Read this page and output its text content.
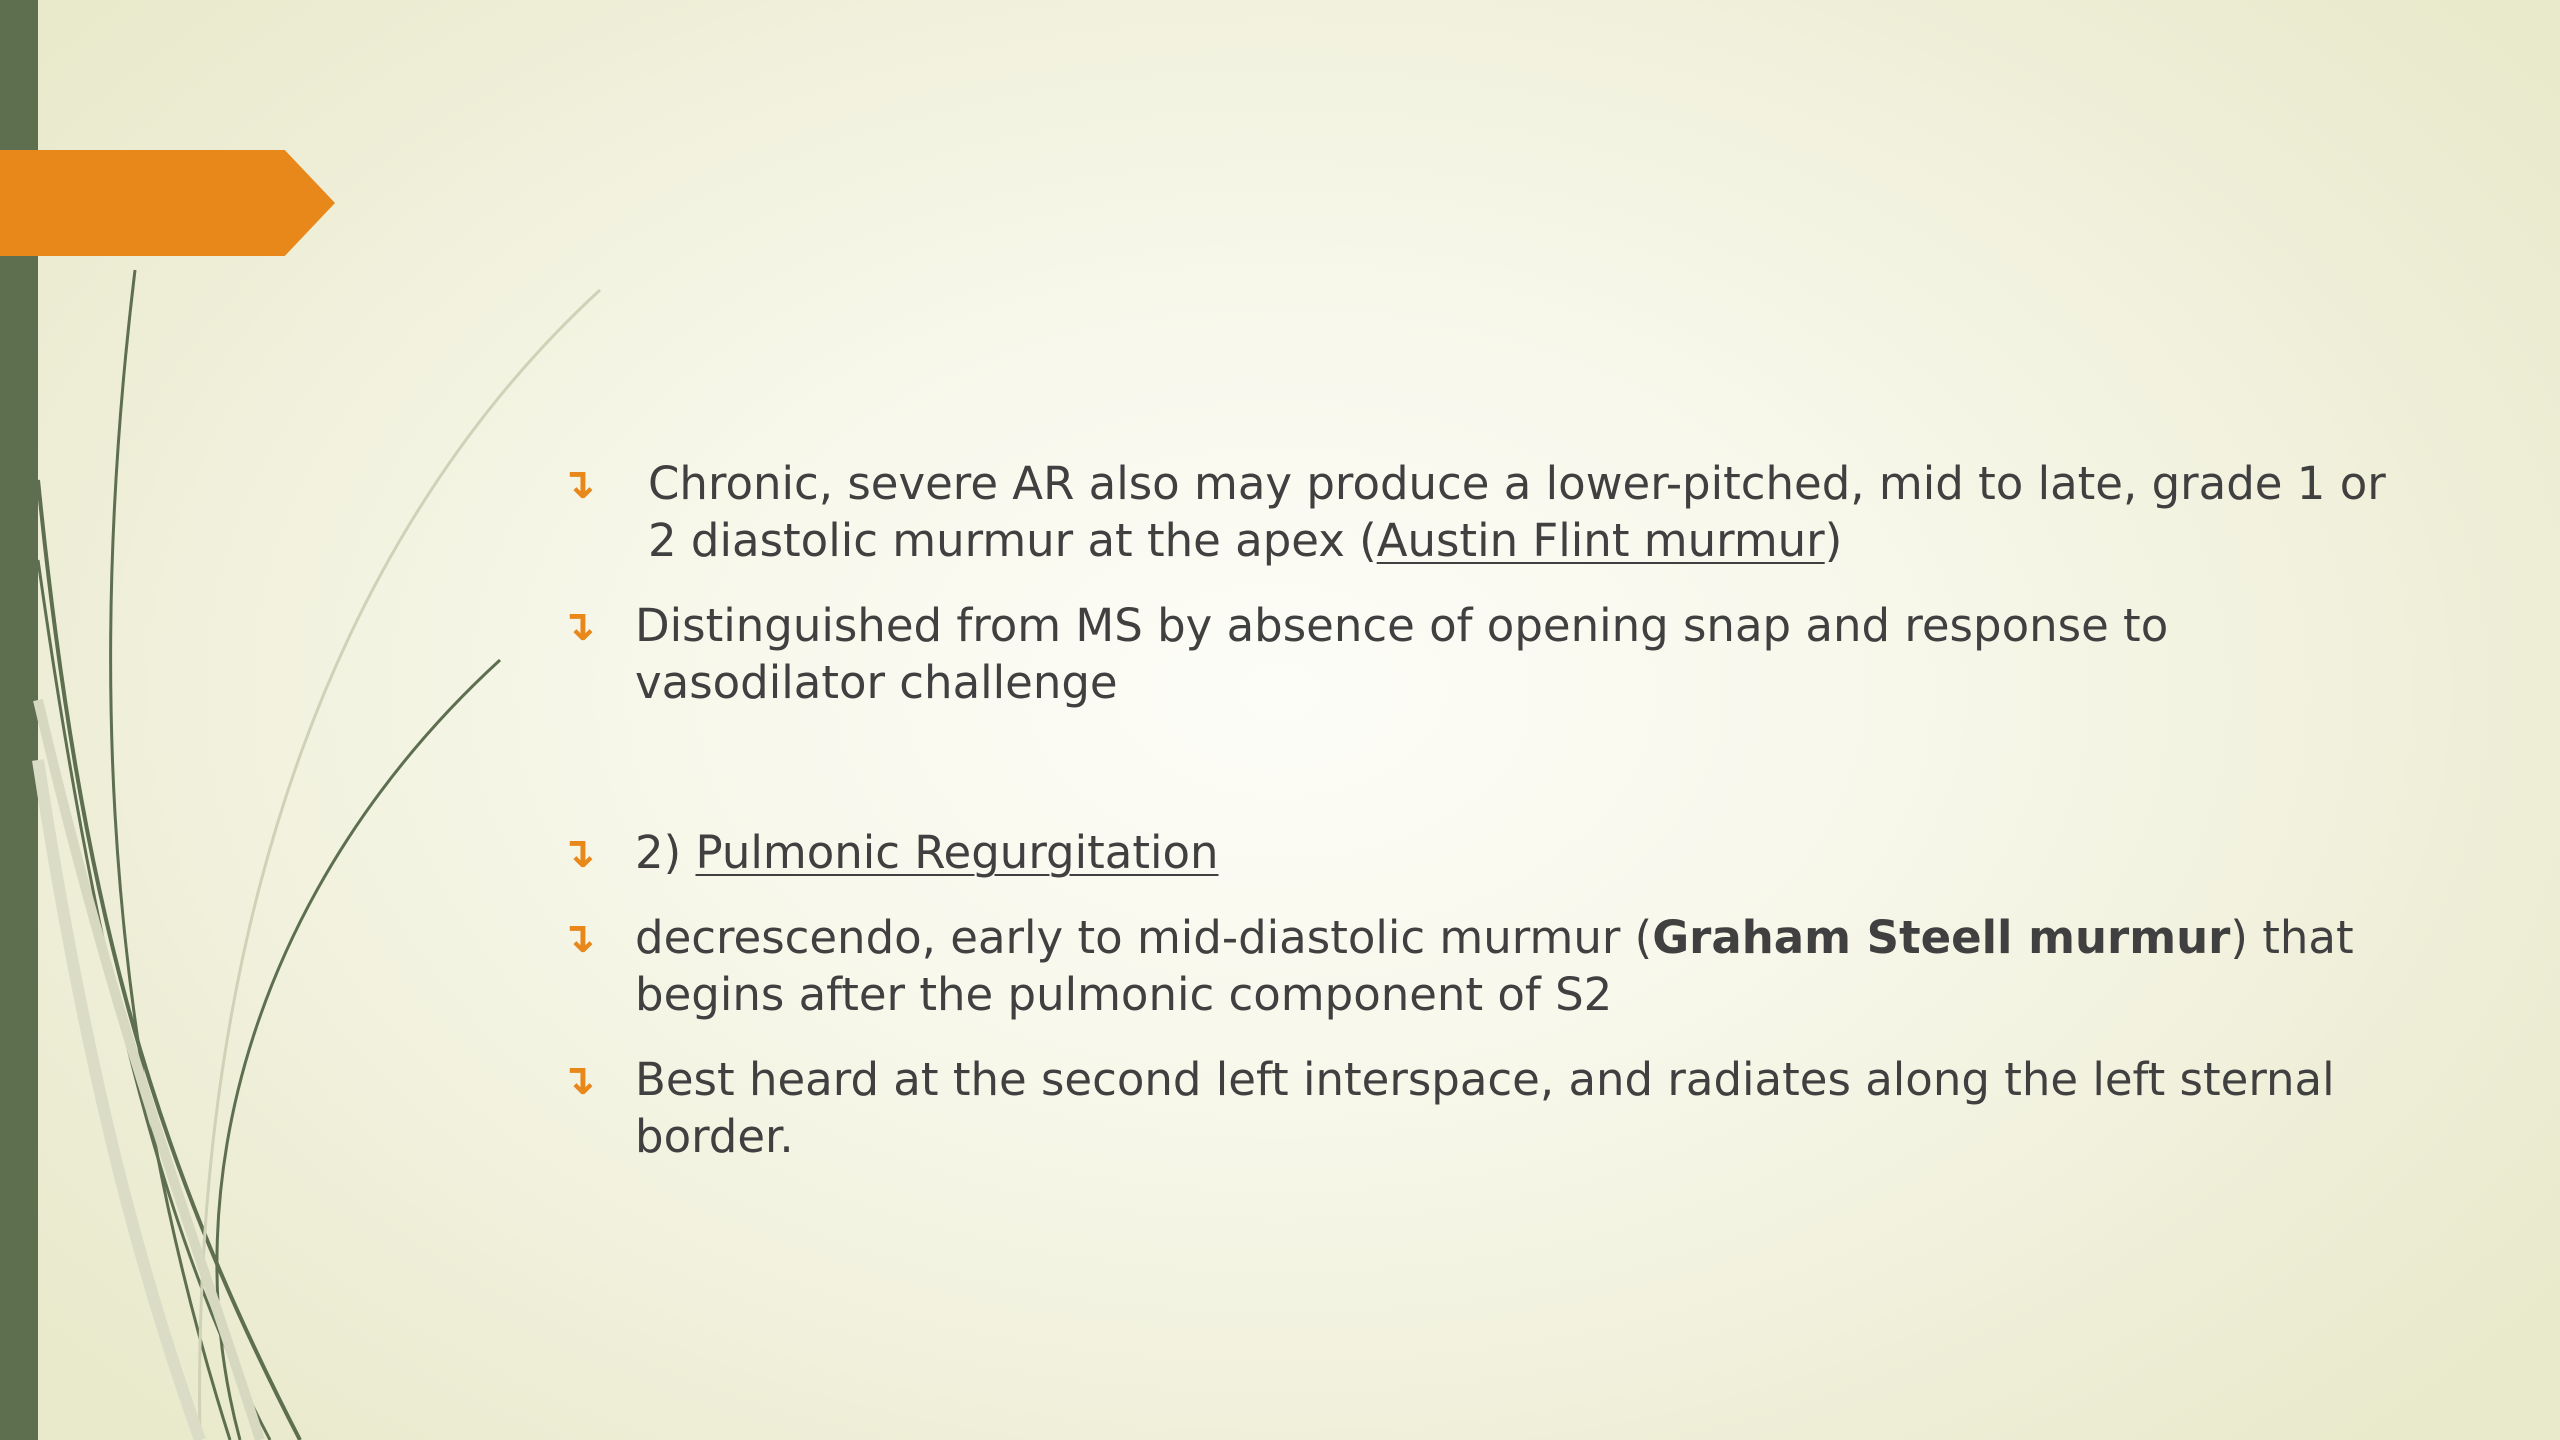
↴ Chronic, severe AR also may produce a lower-pitched, mid to late, grade 1 or 2 diastolic murmur at the apex (Austin Flint murmur)
↴ Distinguished from MS by absence of opening snap and response to vasodilator challenge
↴ 2) Pulmonic Regurgitation
↴ decrescendo, early to mid-diastolic murmur (Graham Steell murmur) that begins after the pulmonic component of S2
↴ Best heard at the second left interspace, and radiates along the left sternal border.
